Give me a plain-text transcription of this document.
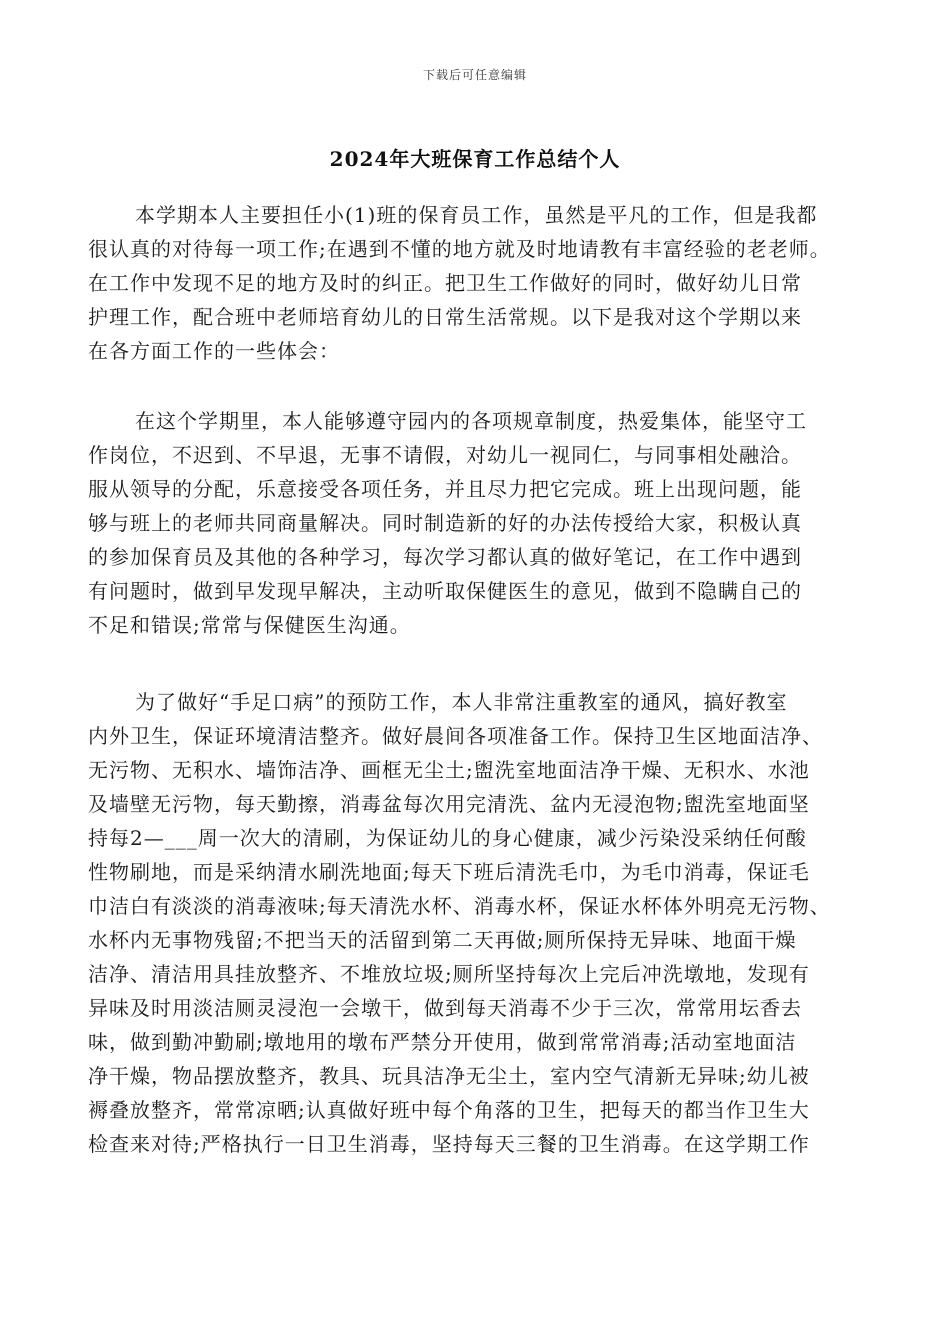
下载后可任意编辑
2024年大班保育工作总结个人
本学期本人主要担任小(1)班的保育员工作，虽然是平凡的工作，但是我都
很认真的对待每一项工作;在遇到不懂的地方就及时地请教有丰富经验的老老师。
在工作中发现不足的地方及时的纠正。把卫生工作做好的同时，做好幼儿日常
护理工作，配合班中老师培育幼儿的日常生活常规。以下是我对这个学期以来
在各方面工作的一些体会：
在这个学期里，本人能够遵守园内的各项规章制度，热爱集体，能坚守工
作岗位，不迟到、不早退，无事不请假，对幼儿一视同仁，与同事相处融洽。
服从领导的分配，乐意接受各项任务，并且尽力把它完成。班上出现问题，能
够与班上的老师共同商量解决。同时制造新的好的办法传授给大家，积极认真
的参加保育员及其他的各种学习，每次学习都认真的做好笔记，在工作中遇到
有问题时，做到早发现早解决，主动听取保健医生的意见，做到不隐瞒自己的
不足和错误;常常与保健医生沟通。
为了做好“手足口病”的预防工作，本人非常注重教室的通风，搞好教室
内外卫生，保证环境清洁整齐。做好晨间各项准备工作。保持卫生区地面洁净、
无污物、无积水、墙饰洁净、画框无尘土;盥洗室地面洁净干燥、无积水、水池
及墙壁无污物，每天勤擦，消毒盆每次用完清洗、盆内无浸泡物;盥洗室地面坚
持每2—___周一次大的清刷，为保证幼儿的身心健康，减少污染没采纳任何酸
性物刷地，而是采纳清水刷洗地面;每天下班后清洗毛巾，为毛巾消毒，保证毛
巾洁白有淡淡的消毒液味;每天清洗水杯、消毒水杯，保证水杯体外明亮无污物、
水杯内无事物残留;不把当天的活留到第二天再做;厕所保持无异味、地面干燥
洁净、清洁用具挂放整齐、不堆放垃圾;厕所坚持每次上完后冲洗墩地，发现有
异味及时用淡洁厕灵浸泡一会墩干，做到每天消毒不少于三次，常常用坛香去
味，做到勤冲勤刷;墩地用的墩布严禁分开使用，做到常常消毒;活动室地面洁
净干燥，物品摆放整齐，教具、玩具洁净无尘土，室内空气清新无异味;幼儿被
褥叠放整齐，常常凉晒;认真做好班中每个角落的卫生，把每天的都当作卫生大
检查来对待;严格执行一日卫生消毒，坚持每天三餐的卫生消毒。在这学期工作
